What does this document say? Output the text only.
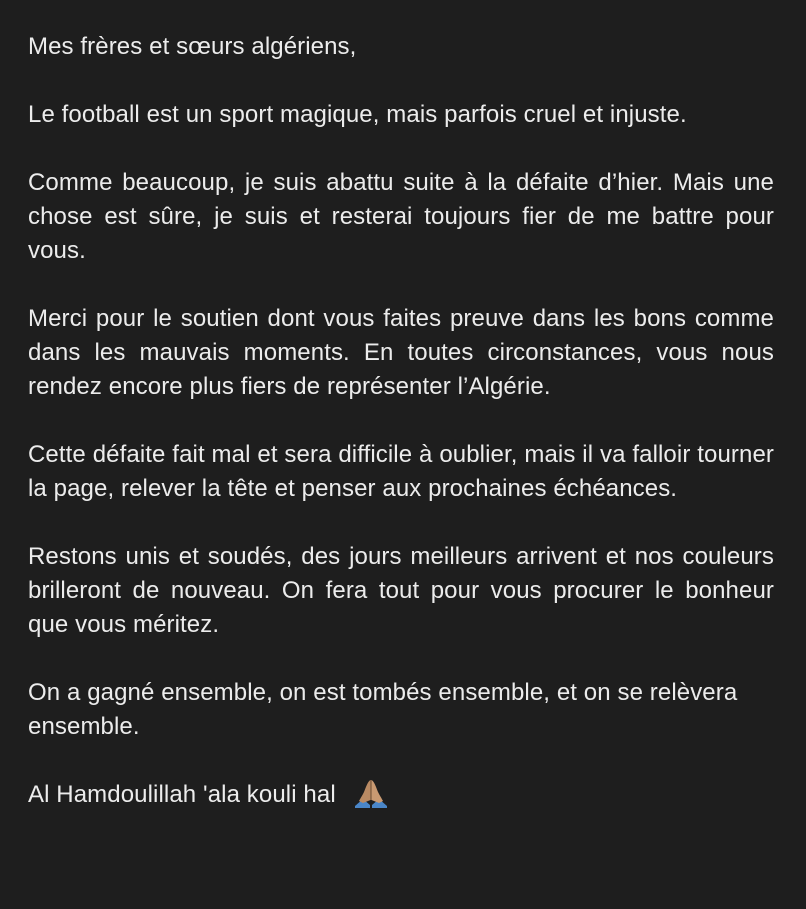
Mes frères et sœurs algériens,

Le football est un sport magique, mais parfois cruel et injuste.

Comme beaucoup, je suis abattu suite à la défaite d’hier. Mais une chose est sûre, je suis et resterai toujours fier de me battre pour vous.

Merci pour le soutien dont vous faites preuve dans les bons comme dans les mauvais moments. En toutes circonstances, vous nous rendez encore plus fiers de représenter l’Algérie.

Cette défaite fait mal et sera difficile à oublier, mais il va falloir tourner la page, relever la tête et penser aux prochaines échéances.

Restons unis et soudés, des jours meilleurs arrivent et nos couleurs brilleront de nouveau. On fera tout pour vous procurer le bonheur que vous méritez.

On a gagné ensemble, on est tombés ensemble, et on se relèvera ensemble.

Al Hamdoulillah 'ala kouli hal
